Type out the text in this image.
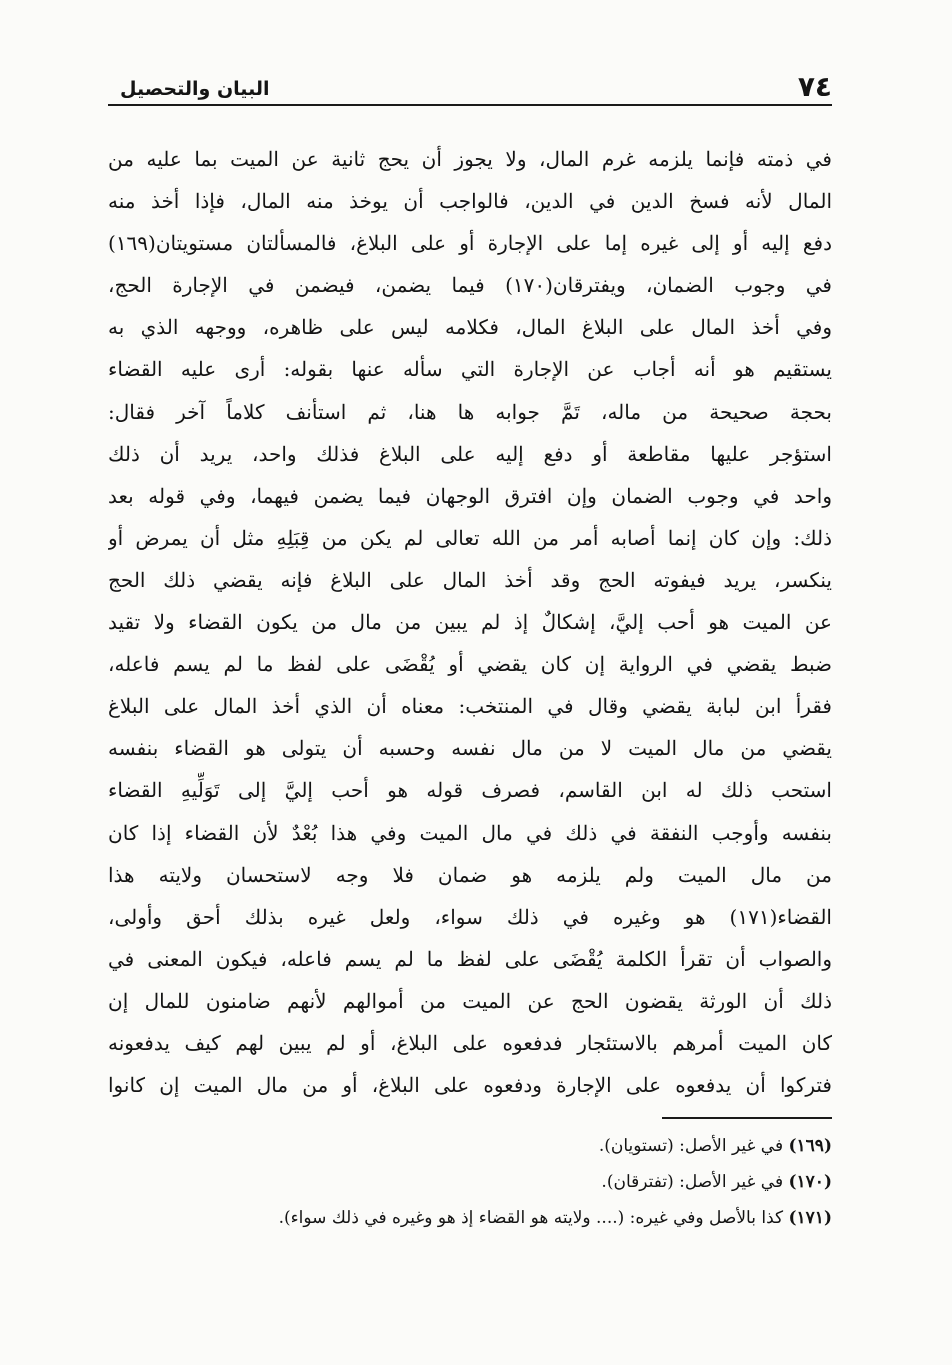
٧٤
البيان والتحصيل
في ذمته فإنما يلزمه غرم المال، ولا يجوز أن يحج ثانية عن الميت بما عليه من
المال لأنه فسخ الدين في الدين، فالواجب أن يوخذ منه المال، فإذا أخذ منه
دفع إليه أو إلى غيره إما على الإجارة أو على البلاغ، فالمسألتان مستويتان(١٦٩)
في وجوب الضمان، ويفترقان(١٧٠) فيما يضمن، فيضمن في الإجارة الحج،
وفي أخذ المال على البلاغ المال، فكلامه ليس على ظاهره، ووجهه الذي به
يستقيم هو أنه أجاب عن الإجارة التي سأله عنها بقوله: أرى عليه القضاء
بحجة صحيحة من ماله، تَمَّ جوابه ها هنا، ثم استأنف كلاماً آخر فقال:
استؤجر عليها مقاطعة أو دفع إليه على البلاغ فذلك واحد، يريد أن ذلك
واحد في وجوب الضمان وإن افترق الوجهان فيما يضمن فيهما، وفي قوله بعد
ذلك: وإن كان إنما أصابه أمر من الله تعالى لم يكن من قِبَلِهِ مثل أن يمرض أو
ينكسر، يريد فيفوته الحج وقد أخذ المال على البلاغ فإنه يقضي ذلك الحج
عن الميت هو أحب إليَّ، إشكالٌ إذ لم يبين من مال من يكون القضاء ولا تقيد
ضبط يقضي في الرواية إن كان يقضي أو يُقْضَى على لفظ ما لم يسم فاعله،
فقرأ ابن لبابة يقضي وقال في المنتخب: معناه أن الذي أخذ المال على البلاغ
يقضي من مال الميت لا من مال نفسه وحسبه أن يتولى هو القضاء بنفسه
استحب ذلك له ابن القاسم، فصرف قوله هو أحب إليَّ إلى تَوَلِّيهِ القضاء
بنفسه وأوجب النفقة في ذلك في مال الميت وفي هذا بُعْدٌ لأن القضاء إذا كان
من مال الميت ولم يلزمه هو ضمان فلا وجه لاستحسان ولايته هذا
القضاء(١٧١) هو وغيره في ذلك سواء، ولعل غيره بذلك أحق وأولى،
والصواب أن تقرأ الكلمة يُقْضَى على لفظ ما لم يسم فاعله، فيكون المعنى في
ذلك أن الورثة يقضون الحج عن الميت من أموالهم لأنهم ضامنون للمال إن
كان الميت أمرهم بالاستئجار فدفعوه على البلاغ، أو لم يبين لهم كيف يدفعونه
فتركوا أن يدفعوه على الإجارة ودفعوه على البلاغ، أو من مال الميت إن كانوا
(١٦٩) في غير الأصل: (تستويان).
(١٧٠) في غير الأصل: (تفترقان).
(١٧١) كذا بالأصل وفي غيره: (.... ولايته هو القضاء إذ هو وغيره في ذلك سواء).
